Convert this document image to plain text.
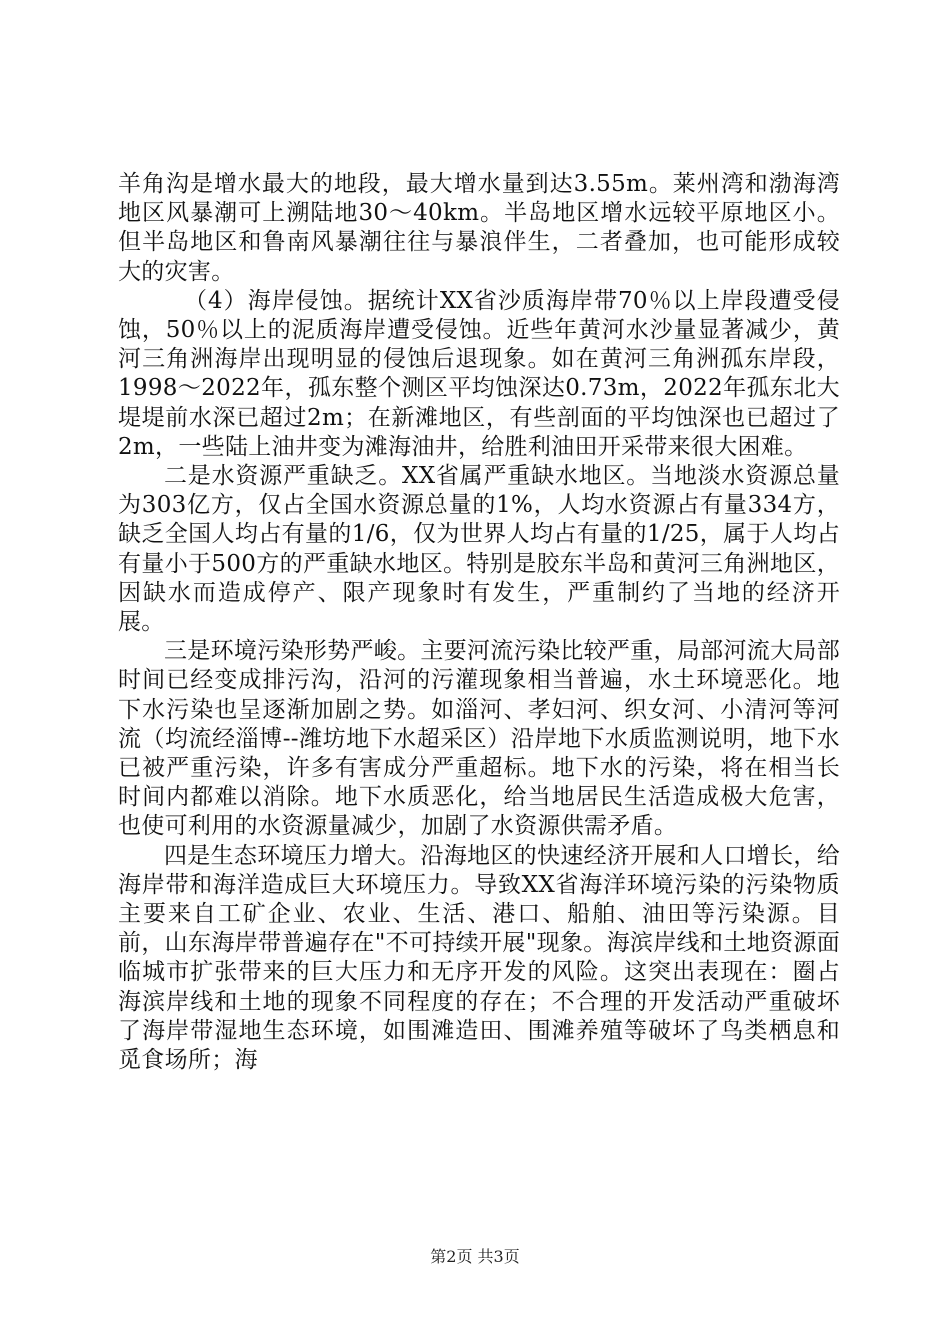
羊角沟是增水最大的地段，最大增水量到达3.55m。莱州湾和渤海湾地区风暴潮可上溯陆地30～40km。半岛地区增水远较平原地区小。但半岛地区和鲁南风暴潮往往与暴浪伴生，二者叠加，也可能形成较大的灾害。

（4）海岸侵蚀。据统计XX省沙质海岸带70％以上岸段遭受侵蚀，50％以上的泥质海岸遭受侵蚀。近些年黄河水沙量显著减少，黄河三角洲海岸出现明显的侵蚀后退现象。如在黄河三角洲孤东岸段，1998～2022年，孤东整个测区平均蚀深达0.73m，2022年孤东北大堤堤前水深已超过2m；在新滩地区，有些剖面的平均蚀深也已超过了2m，一些陆上油井变为滩海油井，给胜利油田开采带来很大困难。

二是水资源严重缺乏。XX省属严重缺水地区。当地淡水资源总量为303亿方，仅占全国水资源总量的1%，人均水资源占有量334方，缺乏全国人均占有量的1/6，仅为世界人均占有量的1/25，属于人均占有量小于500方的严重缺水地区。特别是胶东半岛和黄河三角洲地区，因缺水而造成停产、限产现象时有发生，严重制约了当地的经济开展。

三是环境污染形势严峻。主要河流污染比较严重，局部河流大局部时间已经变成排污沟，沿河的污灌现象相当普遍，水土环境恶化。地下水污染也呈逐渐加剧之势。如淄河、孝妇河、织女河、小清河等河流（均流经淄博--潍坊地下水超采区）沿岸地下水质监测说明，地下水已被严重污染，许多有害成分严重超标。地下水的污染，将在相当长时间内都难以消除。地下水质恶化，给当地居民生活造成极大危害，也使可利用的水资源量减少，加剧了水资源供需矛盾。

四是生态环境压力增大。沿海地区的快速经济开展和人口增长，给海岸带和海洋造成巨大环境压力。导致XX省海洋环境污染的污染物质主要来自工矿企业、农业、生活、港口、船舶、油田等污染源。目前，山东海岸带普遍存在"不可持续开展"现象。海滨岸线和土地资源面临城市扩张带来的巨大压力和无序开发的风险。这突出表现在：圈占海滨岸线和土地的现象不同程度的存在；不合理的开发活动严重破坏了海岸带湿地生态环境，如围滩造田、围滩养殖等破坏了鸟类栖息和觅食场所；海

第2页 共3页
